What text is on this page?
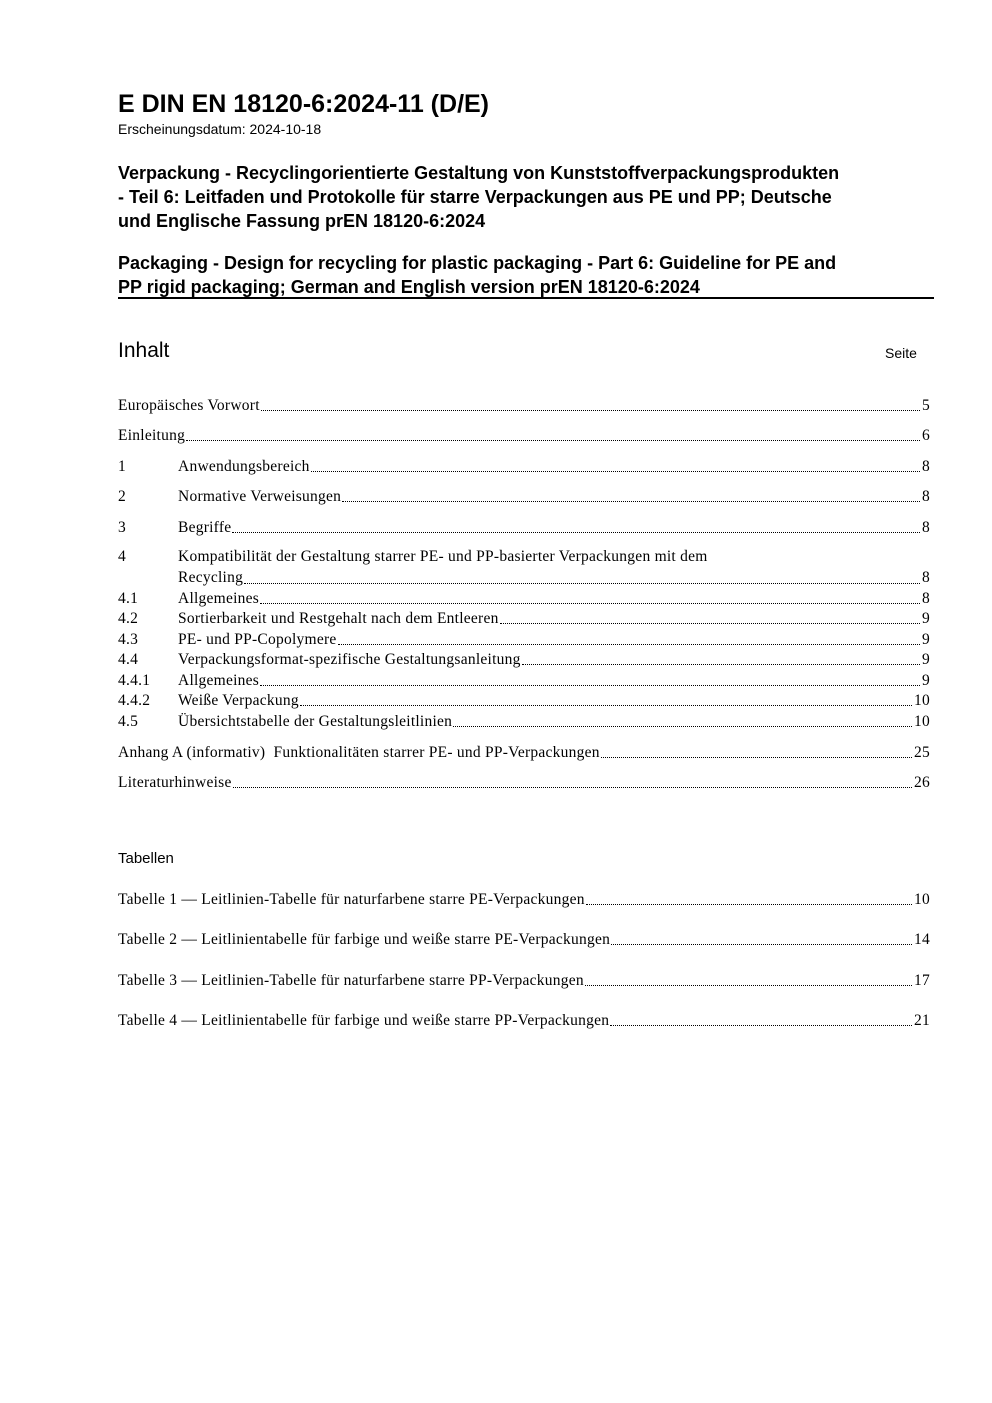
E DIN EN 18120-6:2024-11 (D/E)
Erscheinungsdatum: 2024-10-18
Verpackung - Recyclingorientierte Gestaltung von Kunststoffverpackungsprodukten
- Teil 6: Leitfaden und Protokolle für starre Verpackungen aus PE und PP; Deutsche
und Englische Fassung prEN 18120-6:2024
Packaging - Design for recycling for plastic packaging - Part 6: Guideline for PE and
PP rigid packaging; German and English version prEN 18120-6:2024
Inhalt	Seite
Europäisches Vorwort	5
Einleitung	6
1	Anwendungsbereich	8
2	Normative Verweisungen	8
3	Begriffe	8
4	Kompatibilität der Gestaltung starrer PE- und PP-basierter Verpackungen mit dem
Recycling	8
4.1	Allgemeines	8
4.2	Sortierbarkeit und Restgehalt nach dem Entleeren	9
4.3	PE- und PP-Copolymere	9
4.4	Verpackungsformat-spezifische Gestaltungsanleitung	9
4.4.1	Allgemeines	9
4.4.2	Weiße Verpackung	10
4.5	Übersichtstabelle der Gestaltungsleitlinien	10
Anhang A (informativ)  Funktionalitäten starrer PE- und PP-Verpackungen	25
Literaturhinweise	26
Tabellen
Tabelle 1 — Leitlinien-Tabelle für naturfarbene starre PE-Verpackungen	10
Tabelle 2 — Leitlinientabelle für farbige und weiße starre PE-Verpackungen	14
Tabelle 3 — Leitlinien-Tabelle für naturfarbene starre PP-Verpackungen	17
Tabelle 4 — Leitlinientabelle für farbige und weiße starre PP-Verpackungen	21
